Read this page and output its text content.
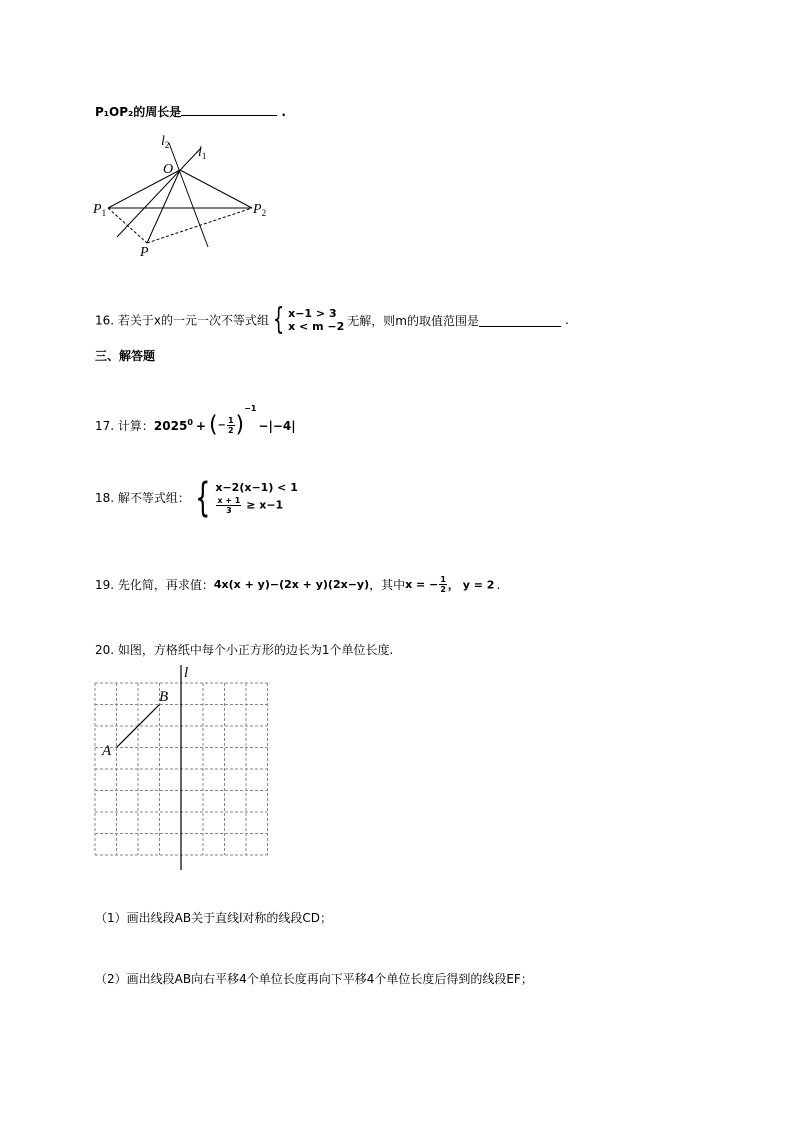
P₁OP₂的周长是	.
$l_2$ $l_1$
O
$P_1$	$P_2$
P
16. 若关于x的一元一次不等式组 { x−1 > 3
x < m −2 无解，则m的取值范围是	.
三、解答题
17. 计算：$2025^0$ + (− $\frac{1}{2} )^{-1}-|-4|$
18. 解不等式组： { x−2(x−1) < 1
$\frac{x + 1}{3} \ge x-1$
19. 先化简，再求值：4x(x + y)−(2x + y)(2x−y)，其中x = − $\frac{1}{2}$ ， y = 2 .
20. 如图，方格纸中每个小正方形的边长为1个单位长度.
l
A
B
（1）画出线段AB关于直线l对称的线段CD；
（2）画出线段AB向右平移4个单位长度再向下平移4个单位长度后得到的线段EF；
